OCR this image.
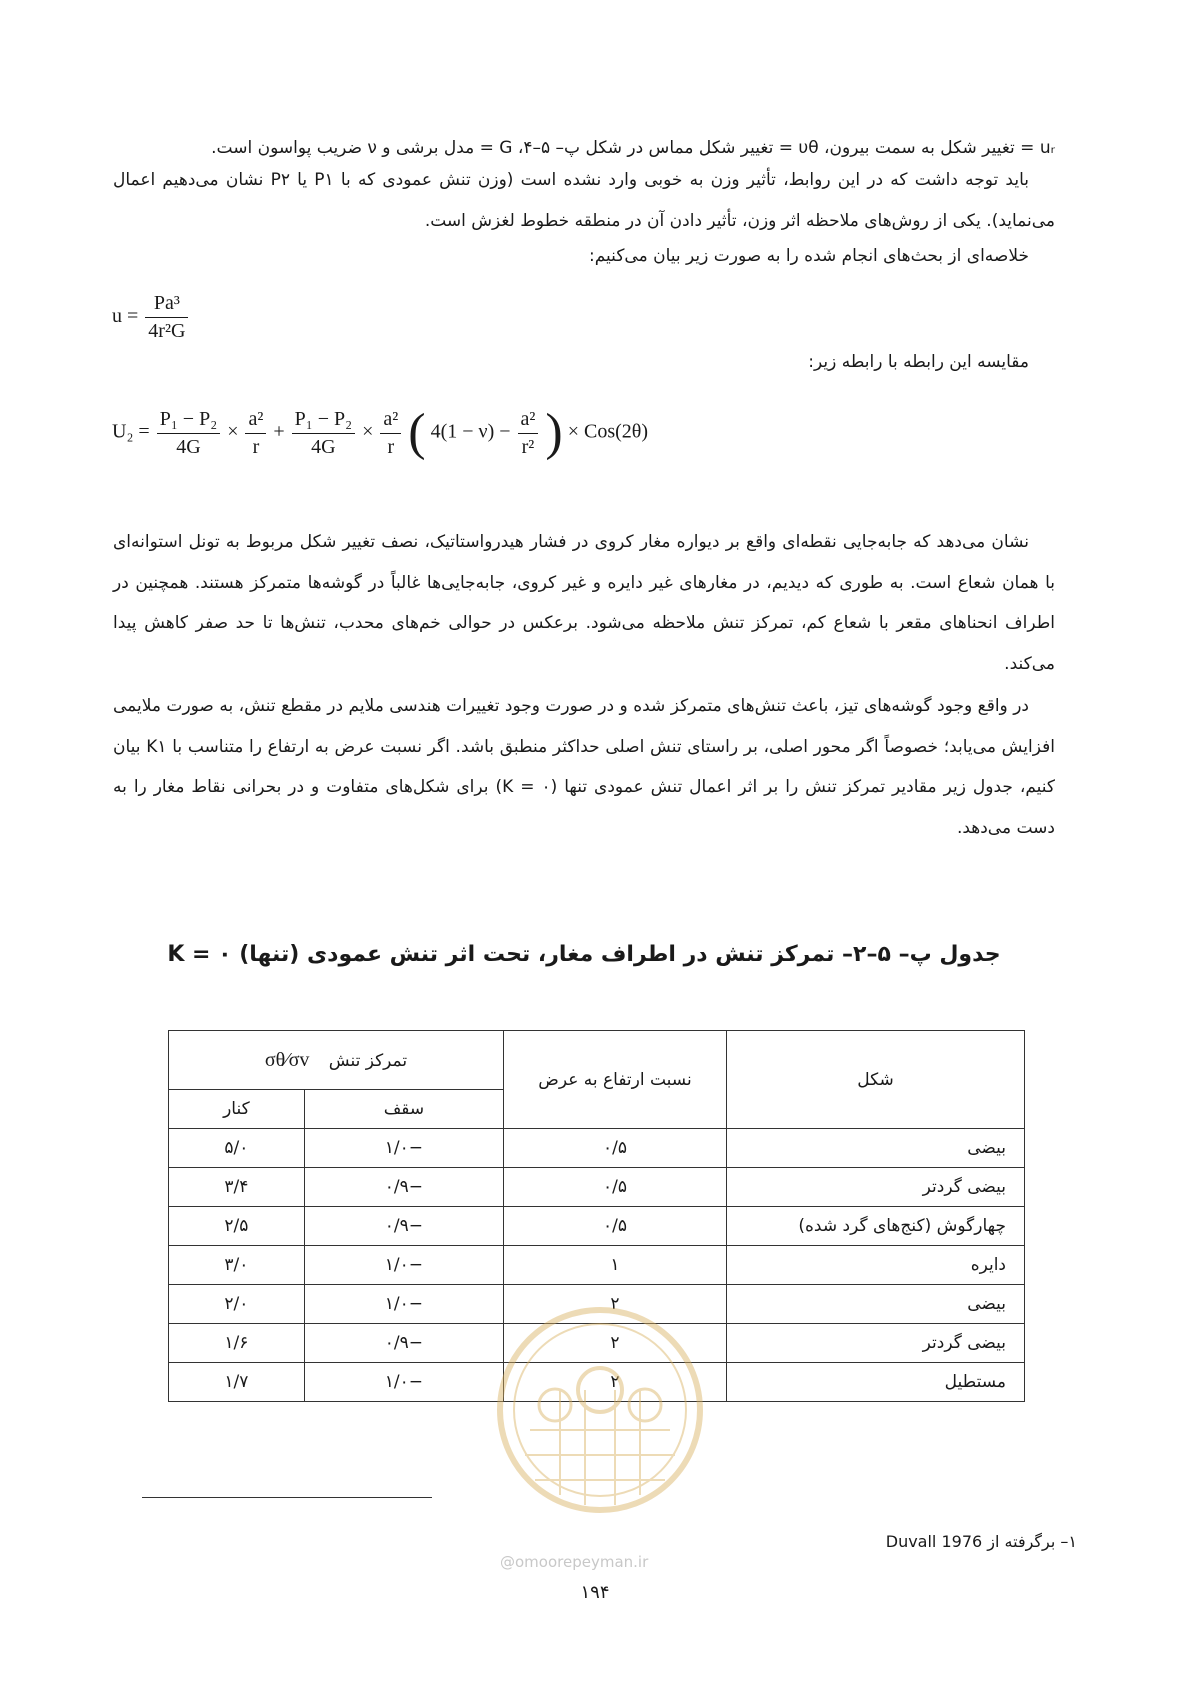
uᵣ = تغییر شکل به سمت بیرون، υθ = تغییر شکل مماس در شکل پ– ۵–۴، G = مدل برشی و ν ضریب پواسون است.

باید توجه داشت که در این روابط، تأثیر وزن به خوبی وارد نشده است (وزن تنش عمودی که با P۱ یا P۲ نشان می‌دهیم اعمال می‌نماید). یکی از روش‌های ملاحظه اثر وزن، تأثیر دادن آن در منطقه خطوط لغزش است.

خلاصه‌ای از بحث‌های انجام شده را به صورت زیر بیان می‌کنیم:

$u = \frac{\text{Pa³}}{\text{4r²G}}$

مقایسه این رابطه با رابطه زیر:

$U_2 = \frac{\text{P₁ − P₂}}{4G} \times \frac{\text{a²}}{r} + \frac{\text{P₁ − P₂}}{4G} \times \frac{\text{a²}}{r}$ ( $4(1 - \nu) - \frac{\text{a²}}{\text{r²}}$ ) × Cos(2θ)

نشان می‌دهد که جابه‌جایی نقطه‌ای واقع بر دیواره مغار کروی در فشار هیدرواستاتیک، نصف تغییر شکل مربوط به تونل استوانه‌ای با همان شعاع است. به طوری که دیدیم، در مغارهای غیر دایره و غیر کروی، جابه‌جایی‌ها غالباً در گوشه‌ها متمرکز هستند. همچنین در اطراف انحناهای مقعر با شعاع کم، تمرکز تنش ملاحظه می‌شود. برعکس در حوالی خم‌های محدب، تنش‌ها تا حد صفر کاهش پیدا می‌کند.

در واقع وجود گوشه‌های تیز، باعث تنش‌های متمرکز شده و در صورت وجود تغییرات هندسی ملایم در مقطع تنش، به صورت ملایمی افزایش می‌یابد؛ خصوصاً اگر محور اصلی، بر راستای تنش اصلی حداکثر منطبق باشد. اگر نسبت عرض به ارتفاع را متناسب با K۱ بیان کنیم، جدول زیر مقادیر تمرکز تنش را بر اثر اعمال تنش عمودی تنها (K = ۰) برای شکل‌های متفاوت و در بحرانی نقاط مغار را به دست می‌دهد.

جدول پ– ۵–۲– تمرکز تنش در اطراف مغار، تحت اثر تنش عمودی (تنها) K = ۰
شکل	نسبت ارتفاع به عرض	تمرکز تنش σθ⁄σv	
		سقف	کنار
بیضی	۰/۵	−۱/۰	۵/۰
بیضی گردتر	۰/۵	−۰/۹	۳/۴
چهارگوش (کنج‌های گرد شده)	۰/۵	−۰/۹	۲/۵
دایره	۱	−۱/۰	۳/۰
بیضی	۲	−۱/۰	۲/۰
بیضی گردتر	۲	−۰/۹	۱/۶
مستطیل	۲	−۱/۰	۱/۷
@omoorepeyman.ir
۱– برگرفته از Duvall 1976
۱۹۴
